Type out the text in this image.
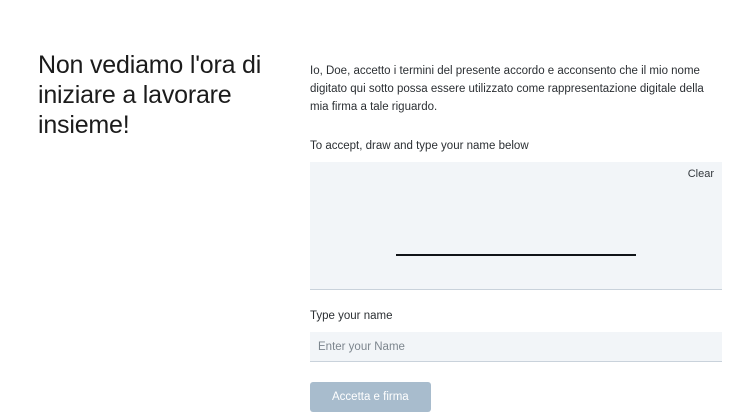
Non vediamo l'ora di iniziare a lavorare insieme!

Io, Doe, accetto i termini del presente accordo e acconsento che il mio nome digitato qui sotto possa essere utilizzato come rappresentazione digitale della mia firma a tale riguardo.

To accept, draw and type your name below

Clear

Type your name

Enter your Name Accetta e firma
